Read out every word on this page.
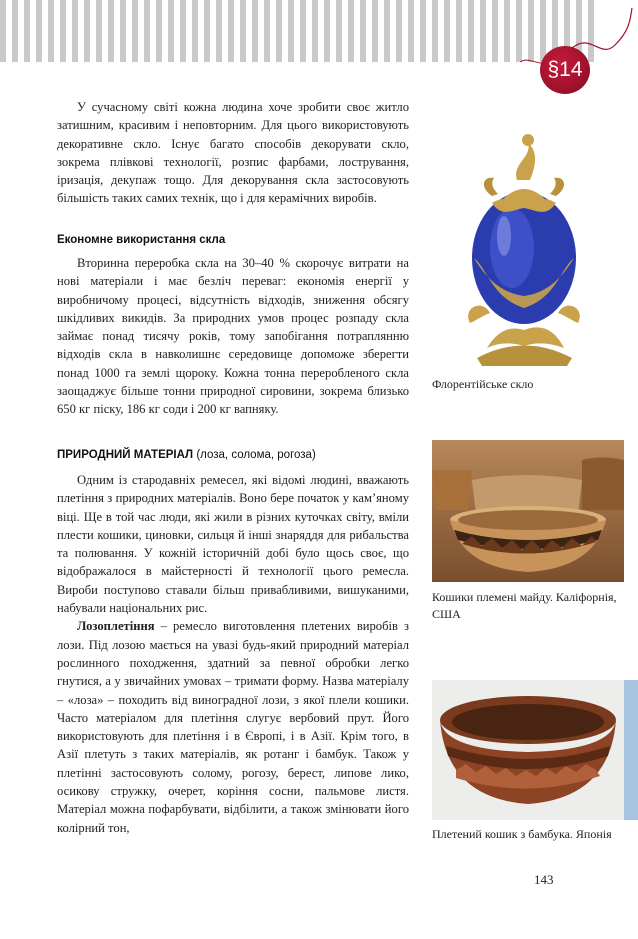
§14

У сучасному світі кожна людина хоче зробити своє житло затишним, красивим і неповторним. Для цього використовують декоративне скло. Існує багато способів декорувати скло, зокрема плівкові технології, розпис фарбами, лострування, іризація, декупаж тощо. Для декорування скла застосовують більшість таких самих технік, що і для керамічних виробів.

Економне використання скла

Вторинна переробка скла на 30–40 % скорочує витрати на нові матеріали і має безліч переваг: економія енергії у виробничому процесі, відсутність відходів, зниження обсягу шкідливих викидів. За природних умов процес розпаду скла займає понад тисячу років, тому запобігання потраплянню відходів скла в навколишнє середовище допоможе зберегти понад 1000 га землі щороку. Кожна тонна переробленого скла заощаджує більше тонни природної сировини, зокрема близько 650 кг піску, 186 кг соди і 200 кг вапняку.

ПРИРОДНИЙ МАТЕРІАЛ (лоза, солома, рогоза)

Одним із стародавніх ремесел, які відомі людині, вважають плетіння з природних матеріалів. Воно бере початок у кам’яному віці. Ще в той час люди, які жили в різних куточках світу, вміли плести кошики, циновки, сильця й інші знаряддя для рибальства та полювання. У кожній історичній добі було щось своє, що відображалося в майстерності й технології цього ремесла. Вироби поступово ставали більш привабливими, вишуканими, набували національних рис.

Лозоплетіння – ремесло виготовлення плетених виробів з лози. Під лозою мається на увазі будь-який природний матеріал рослинного походження, здатний за певної обробки легко гнутися, а у звичайних умовах – тримати форму. Назва матеріалу – «лоза» – походить від виноградної лози, з якої плели кошики. Часто матеріалом для плетіння слугує вербовий прут. Його використовують для плетіння і в Європі, і в Азії. Крім того, в Азії плетуть з таких матеріалів, як ротанг і бамбук. Також у плетінні застосовують солому, рогозу, берест, липове лико, осикову стружку, очерет, коріння сосни, пальмове листя. Матеріал можна пофарбувати, відбілити, а також змінювати його колірний тон,

Флорентійське скло
Кошики племені майду. Каліфорнія, США
Плетений кошик з бамбука. Японія
143
